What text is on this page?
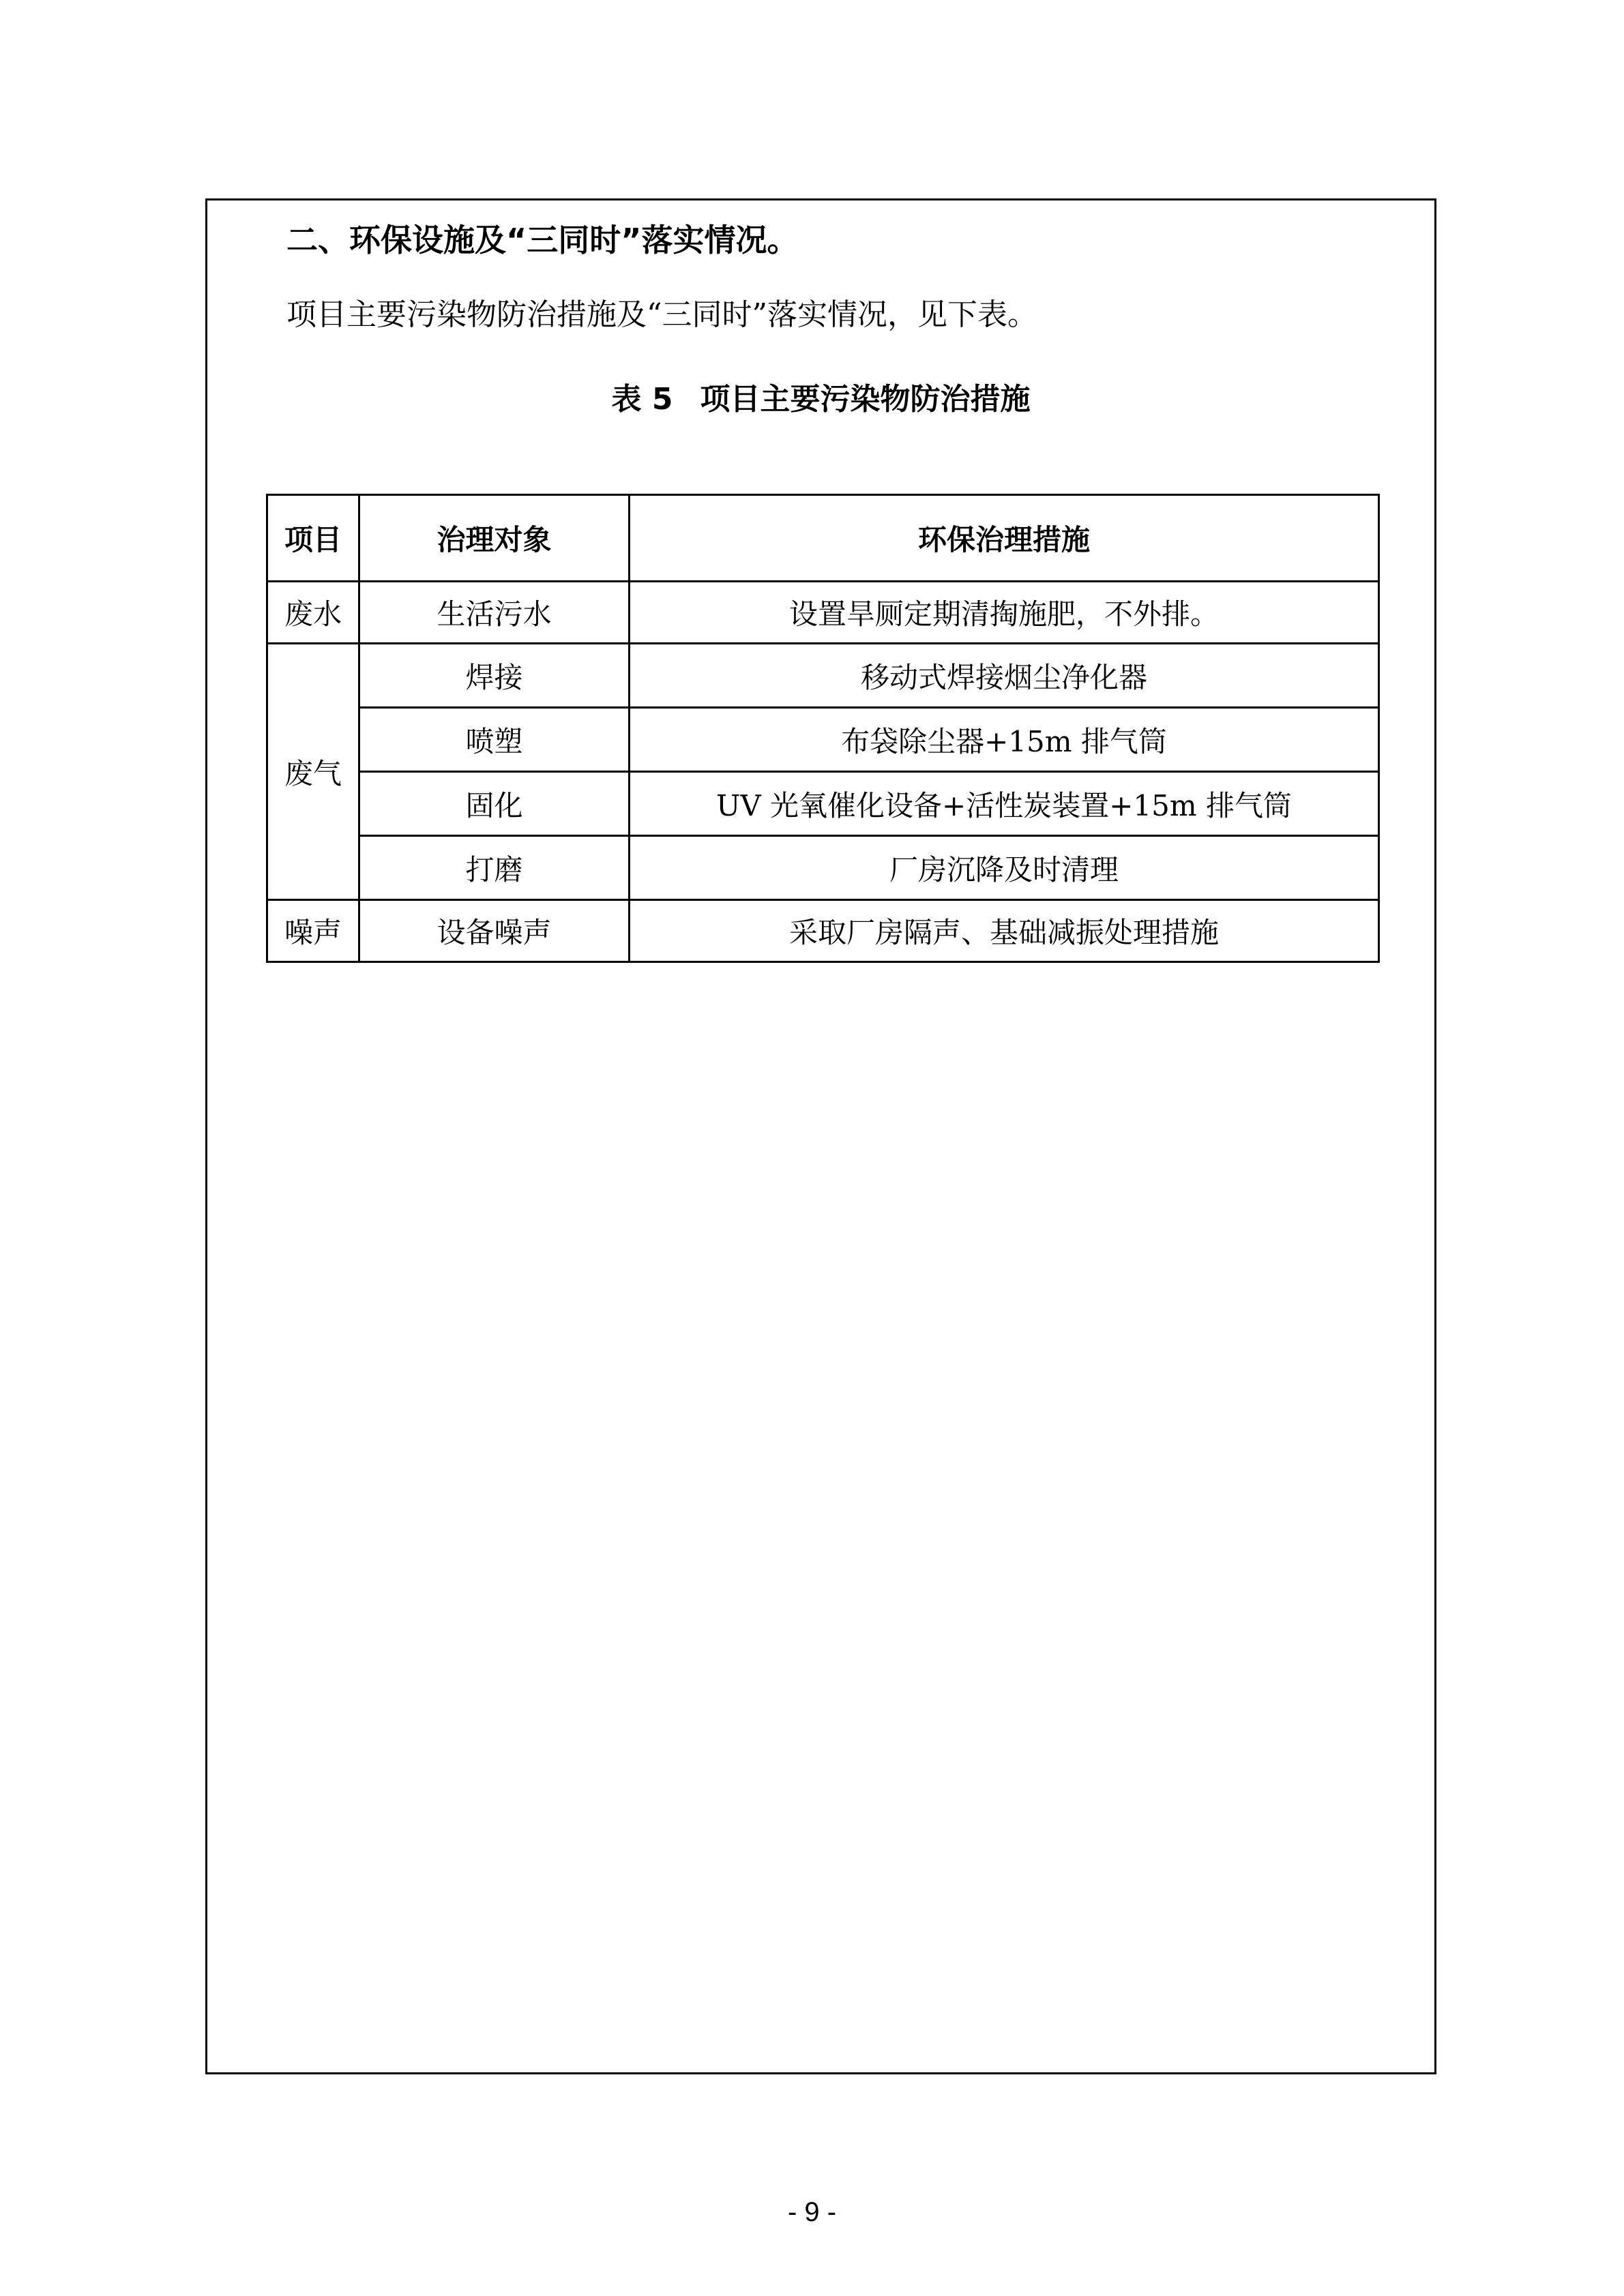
二、环保设施及“三同时”落实情况。
项目主要污染物防治措施及“三同时”落实情况，见下表。
表 5 项目主要污染物防治措施
项目	治理对象	环保治理措施
废水	生活污水	设置旱厕定期清掏施肥，不外排。
废气	焊接	移动式焊接烟尘净化器
	喷塑	布袋除尘器+15m 排气筒
	固化	UV 光氧催化设备+活性炭装置+15m 排气筒
	打磨	厂房沉降及时清理
噪声	设备噪声	采取厂房隔声、基础减振处理措施
- 9 -
